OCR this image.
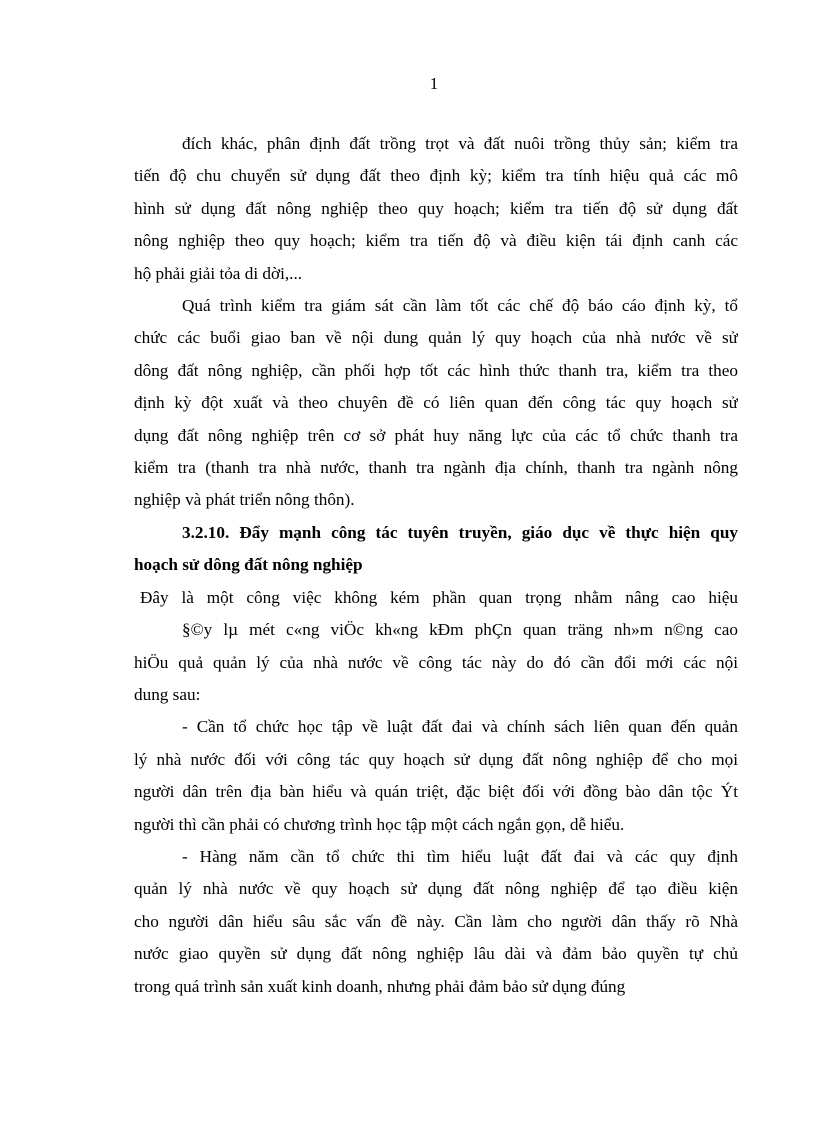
1
đích khác, phân định đất trồng trọt và đất nuôi trồng thủy sản; kiểm tra
tiến độ chu chuyển sử dụng đất theo định kỳ; kiểm tra tính hiệu quả các mô
hình sử dụng đất nông nghiệp theo quy hoạch; kiểm tra tiến độ sử dụng đất
nông nghiệp theo quy hoạch; kiểm tra tiến độ và điều kiện tái định canh các
hộ phải giải tỏa di dời,...
Quá trình kiểm tra giám sát cần làm tốt các chế độ báo cáo định kỳ, tổ
chức các buổi giao ban về nội dung quản lý quy hoạch của nhà nước về sử
dông đất nông nghiệp, cần phối hợp tốt các hình thức thanh tra, kiểm tra theo
định kỳ đột xuất và theo chuyên đề có liên quan đến công tác quy hoạch sử
dụng đất nông nghiệp trên cơ sở phát huy năng lực của các tổ chức thanh tra
kiểm tra (thanh tra nhà nước, thanh tra ngành địa chính, thanh tra ngành nông
nghiệp và phát triển nông thôn).
3.2.10. Đẩy mạnh công tác tuyên truyền, giáo dục về thực hiện quy
hoạch sử dông đất nông nghiệp
Đây là một công việc không kém phần quan trọng nhằm nâng cao hiệu
§©y lµ mét c«ng viÖc kh«ng kÐm phÇn quan träng nh»m n©ng cao
hiÖu quả quản lý của nhà nước về công tác này do đó cần đổi mới các nội
dung sau:
- Cần tổ chức học tập về luật đất đai và chính sách liên quan đến quản
lý nhà nước đối với công tác quy hoạch sử dụng đất nông nghiệp để cho mọi
người dân trên địa bàn hiểu và quán triệt, đặc biệt đối với đồng bào dân tộc Ýt
người thì cần phải có chương trình học tập một cách ngắn gọn, dễ hiểu.
- Hàng năm cần tổ chức thi tìm hiểu luật đất đai và các quy định
quản lý nhà nước về quy hoạch sử dụng đất nông nghiệp để tạo điều kiện
cho người dân hiểu sâu sắc vấn đề này. Cần làm cho người dân thấy rõ Nhà
nước giao quyền sử dụng đất nông nghiệp lâu dài và đảm bảo quyền tự chủ
trong quá trình sản xuất kinh doanh, nhưng phải đảm bảo sử dụng đúng
